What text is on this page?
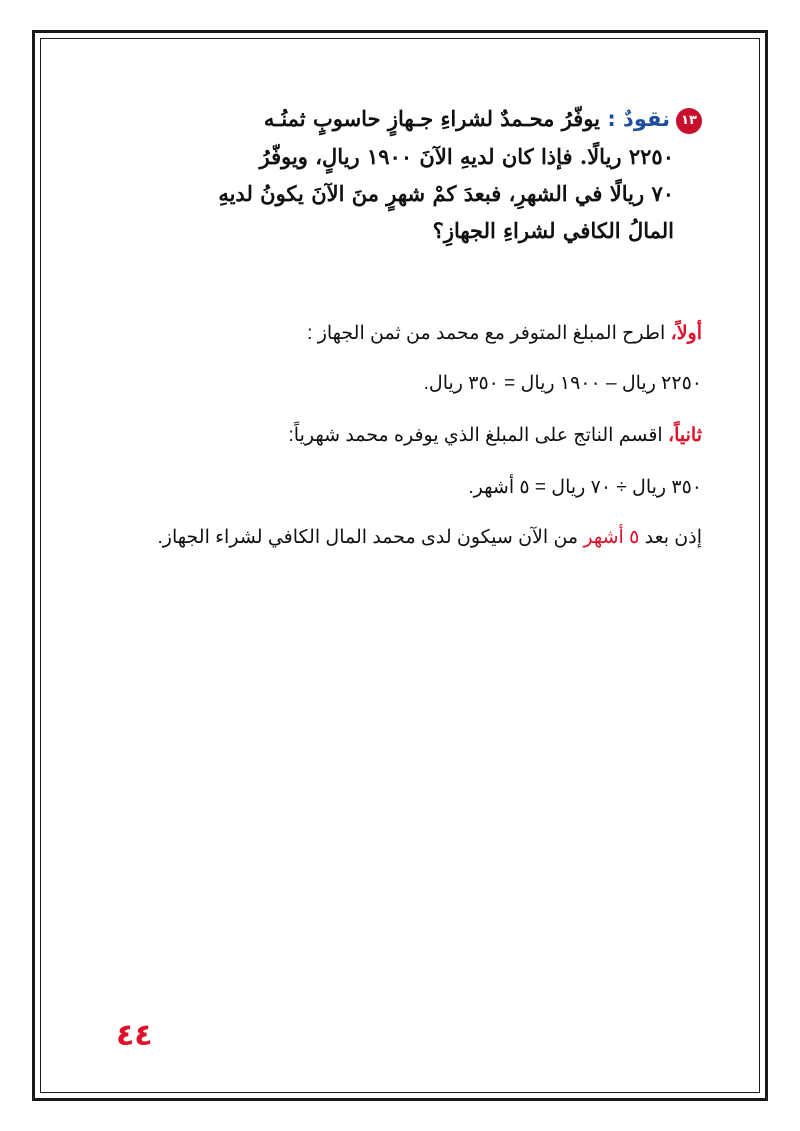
١٣نقودٌ : يوفّرُ محـمدٌ لشراءِ جـهازٍ حاسوبٍ ثمنُـه
٢٢٥٠ ريالًا. فإذا كان لديهِ الآنَ ١٩٠٠ ريالٍ، ويوفّرُ
٧٠ ريالًا في الشهرِ، فبعدَ كمْ شهرٍ منَ الآنَ يكونُ لديهِ
المالُ الكافي لشراءِ الجهازِ؟
أولاً، اطرح المبلغ المتوفر مع محمد من ثمن الجهاز :
٢٢٥٠ ريال – ١٩٠٠ ريال = ٣٥٠ ريال.
ثانياً، اقسم الناتج على المبلغ الذي يوفره محمد شهرياً:
٣٥٠ ريال ÷ ٧٠ ريال = ٥ أشهر.
إذن بعد ٥ أشهر من الآن سيكون لدى محمد المال الكافي لشراء الجهاز.
٤٤
